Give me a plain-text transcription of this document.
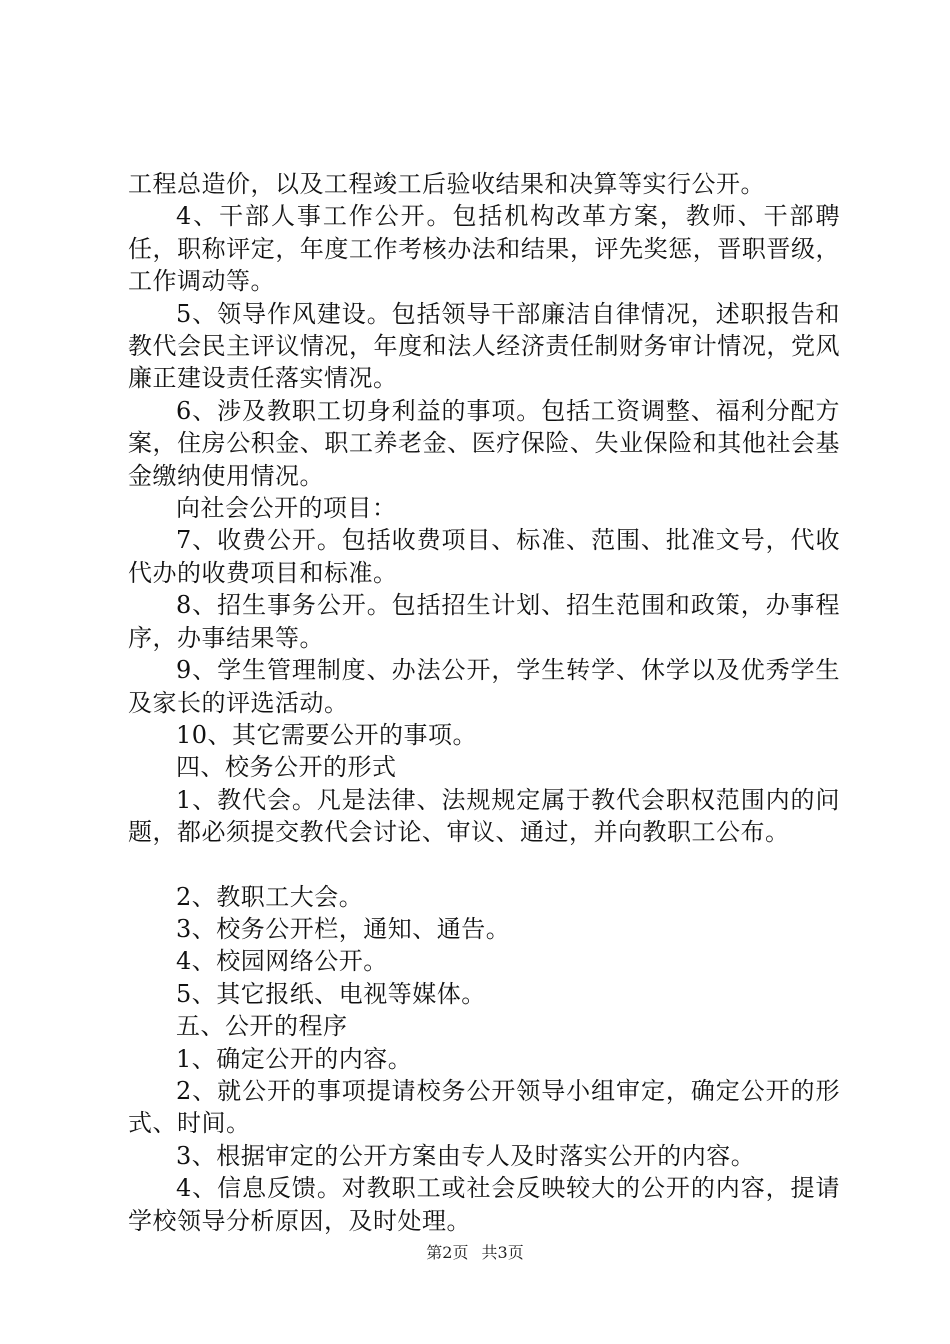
工程总造价，以及工程竣工后验收结果和决算等实行公开。

4、干部人事工作公开。包括机构改革方案，教师、干部聘任，职称评定，年度工作考核办法和结果，评先奖惩，晋职晋级，工作调动等。

5、领导作风建设。包括领导干部廉洁自律情况，述职报告和教代会民主评议情况，年度和法人经济责任制财务审计情况，党风廉正建设责任落实情况。

6、涉及教职工切身利益的事项。包括工资调整、福利分配方案，住房公积金、职工养老金、医疗保险、失业保险和其他社会基金缴纳使用情况。

向社会公开的项目：

7、收费公开。包括收费项目、标准、范围、批准文号，代收代办的收费项目和标准。

8、招生事务公开。包括招生计划、招生范围和政策，办事程序，办事结果等。

9、学生管理制度、办法公开，学生转学、休学以及优秀学生及家长的评选活动。

10、其它需要公开的事项。

四、校务公开的形式

1、教代会。凡是法律、法规规定属于教代会职权范围内的问题，都必须提交教代会讨论、审议、通过，并向教职工公布。

2、教职工大会。

3、校务公开栏，通知、通告。

4、校园网络公开。

5、其它报纸、电视等媒体。

五、公开的程序

1、确定公开的内容。

2、就公开的事项提请校务公开领导小组审定，确定公开的形式、时间。

3、根据审定的公开方案由专人及时落实公开的内容。

4、信息反馈。对教职工或社会反映较大的公开的内容，提请学校领导分析原因，及时处理。

第2页 共3页
